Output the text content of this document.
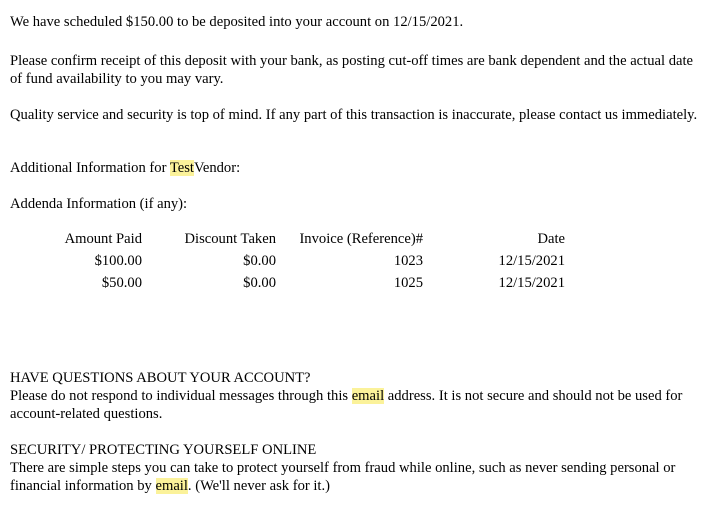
We have scheduled $150.00 to be deposited into your account on 12/15/2021.

Please confirm receipt of this deposit with your bank, as posting cut-off times are bank dependent and the actual date of fund availability to you may vary.

Quality service and security is top of mind. If any part of this transaction is inaccurate, please contact us immediately.

Additional Information for TestVendor:

Addenda Information (if any):

Amount Paid	Discount Taken	Invoice (Reference)#	Date
$100.00	$0.00	1023	12/15/2021
$50.00	$0.00	1025	12/15/2021
HAVE QUESTIONS ABOUT YOUR ACCOUNT?
Please do not respond to individual messages through this email address. It is not secure and should not be used for account-related questions.
SECURITY/ PROTECTING YOURSELF ONLINE
There are simple steps you can take to protect yourself from fraud while online, such as never sending personal or financial information by email. (We'll never ask for it.)
